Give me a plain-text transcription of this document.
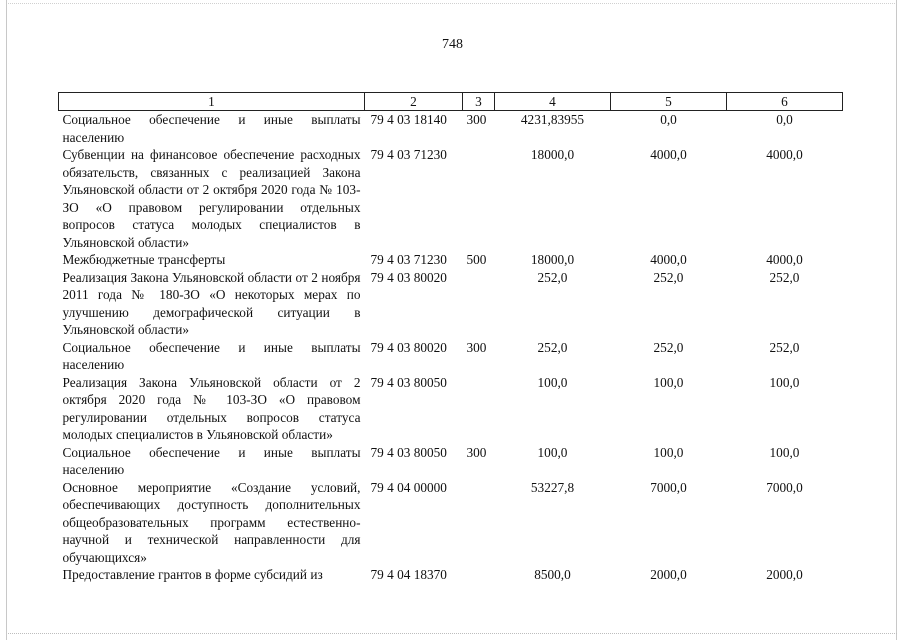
748
1	2	3	4	5	6
Социальное обеспечение и иные выплаты населению	79 4 03 18140	300	4231,83955	0,0	0,0
Субвенции на финансовое обеспечение расходных обязательств, связанных с реализацией Закона Ульяновской области от 2 октября 2020 года № 103-ЗО «О правовом регулировании отдельных вопросов статуса молодых специалистов в Ульяновской области»	79 4 03 71230		18000,0	4000,0	4000,0
Межбюджетные трансферты	79 4 03 71230	500	18000,0	4000,0	4000,0
Реализация Закона Ульяновской области от 2 ноября 2011 года № 180-ЗО «О некоторых мерах по улучшению демографической ситуации в Ульяновской области»	79 4 03 80020		252,0	252,0	252,0
Социальное обеспечение и иные выплаты населению	79 4 03 80020	300	252,0	252,0	252,0
Реализация Закона Ульяновской области от 2 октября 2020 года № 103-ЗО «О правовом регулировании отдельных вопросов статуса молодых специалистов в Ульяновской области»	79 4 03 80050		100,0	100,0	100,0
Социальное обеспечение и иные выплаты населению	79 4 03 80050	300	100,0	100,0	100,0
Основное мероприятие «Создание условий, обеспечивающих доступность дополнительных общеобразовательных программ естественно-научной и технической направленности для обучающихся»	79 4 04 00000		53227,8	7000,0	7000,0
Предоставление грантов в форме субсидий из	79 4 04 18370		8500,0	2000,0	2000,0
